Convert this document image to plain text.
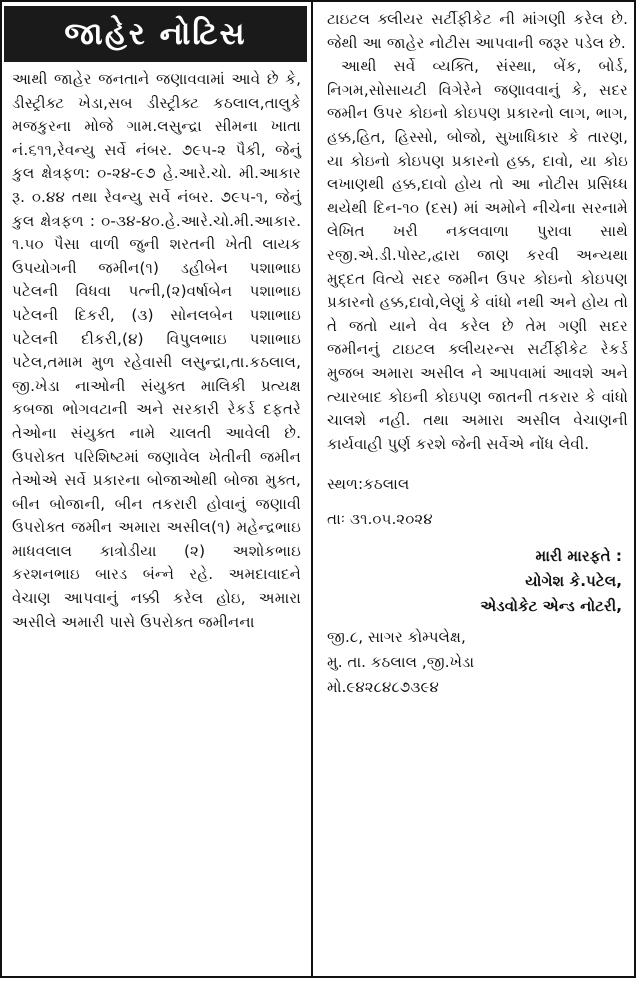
જાહેર નોટિસ

આથી જાહેર જનતાને જણાવવામાં આવે છે કે, ડીસ્ટ્રીક્ટ ખેડા,સબ ડીસ્ટ્રીક્ટ કઠલાલ,તાલુકે મજકુરના મોજે ગામ.લસુન્દ્રા સીમના ખાતા નં.૬૧૧,રેવન્યુ સર્વે નંબર. ૭૯૫-૨ પૈકી, જેનું કુલ ક્ષેત્રફળ: ૦-૨૪-૯૭ હે.આરે.ચો. મી.આકાર રૂ. ૦.૪૪ તથા રેવન્યુ સર્વે નંબર. ૭૯૫-૧, જેનું કુલ ક્ષેત્રફળ : ૦-૩૪-૪૦.હે.આરે.ચો.મી.આકાર. ૧.૫૦ પૈસા વાળી જુની શરતની ખેતી લાયક ઉપયોગની જમીન(૧) ડહીબેન પશાભાઇ પટેલની વિધવા પત્ની,(૨)વર્ષાબેન પશાભાઇ પટેલની દિકરી, (૩) સોનલબેન પશાભાઇ પટેલની દીકરી,(૪) વિપુલભાઇ પશાભાઇ પટેલ,તમામ મુળ રહેવાસી લસુન્દ્રા,તા.કઠલાલ, જી.ખેડા નાઓની સંયુક્ત માલિકી પ્રત્યક્ષ કબજા ભોગવટાની અને સરકારી રેકર્ડ દફતરે તેઓના સંયુક્ત નામે ચાલતી આવેલી છે. ઉપરોક્ત પરિશિષ્ટમાં જણાવેલ ખેતીની જમીન તેઓએ સર્વે પ્રકારના બોજાઓથી બોજા મુક્ત, બીન બોજાની, બીન તકરારી હોવાનું જણાવી ઉપરોક્ત જમીન અમારા અસીલ(૧) મહેન્દ્રભાઇ માધવલાલ કાત્રોડીયા (૨) અશોકભાઇ કરશનભાઇ બારડ બંન્ને રહે. અમદાવાદને વેચાણ આપવાનું નક્કી કરેલ હોઇ, અમારા અસીલે અમારી પાસે ઉપરોક્ત જમીનના

ટાઇટલ ક્લીયર સર્ટીફીકેટ ની માંગણી કરેલ છે. જેથી આ જાહેર નોટીસ આપવાની જરૂર પડેલ છે.

આથી સર્વે વ્યક્તિ, સંસ્થા, બેંક, બોર્ડ, નિગમ,સોસાયટી વિગેરેને જણાવવાનું કે, સદર જમીન ઉપર કોઇનો કોઇપણ પ્રકારનો લાગ, ભાગ, હક્ક,હિત, હિસ્સો, બોજો, સુખાધિકાર કે તારણ, યા કોઇનો કોઇપણ પ્રકારનો હક્ક, દાવો, યા કોઇ લખાણથી હક્ક,દાવો હોય તો આ નોટીસ પ્રસિધ્ધ થયેથી દિન-૧૦ (દસ) માં અમોને નીચેના સરનામે લેખિત ખરી નકલવાળા પુરાવા સાથે રજી.એ.ડી.પોસ્ટ,દ્વારા જાણ કરવી અન્યથા મુદ્દત વિત્યે સદર જમીન ઉપર કોઇનો કોઇપણ પ્રકારનો હક્ક,દાવો,લેણું કે વાંધો નથી અને હોય તો તે જતો યાને વેવ કરેલ છે તેમ ગણી સદર જમીનનું ટાઇટલ ક્લીયરન્સ સર્ટીફીકેટ રેકર્ડ મુજબ અમારા અસીલ ને આપવામાં આવશે અને ત્યારબાદ કોઇની કોઇપણ જાતની તકરાર કે વાંધો ચાલશે નહી. તથા અમારા અસીલ વેચાણની કાર્યવાહી પુર્ણ કરશે જેની સર્વેએ નોંધ લેવી.

સ્થળ:કઠલાલ

તાઃ ૩૧.૦૫.૨૦૨૪

મારી મારફતે :

યોગેશ કે.પટેલ,

એડવોકેટ એન્ડ નોટરી,

જી.૮, સાગર કોમ્પલેક્ષ,

મુ. તા. કઠલાલ ,જી.ખેડા

મો.૯૪૨૮૪૮૭૩૯૪
